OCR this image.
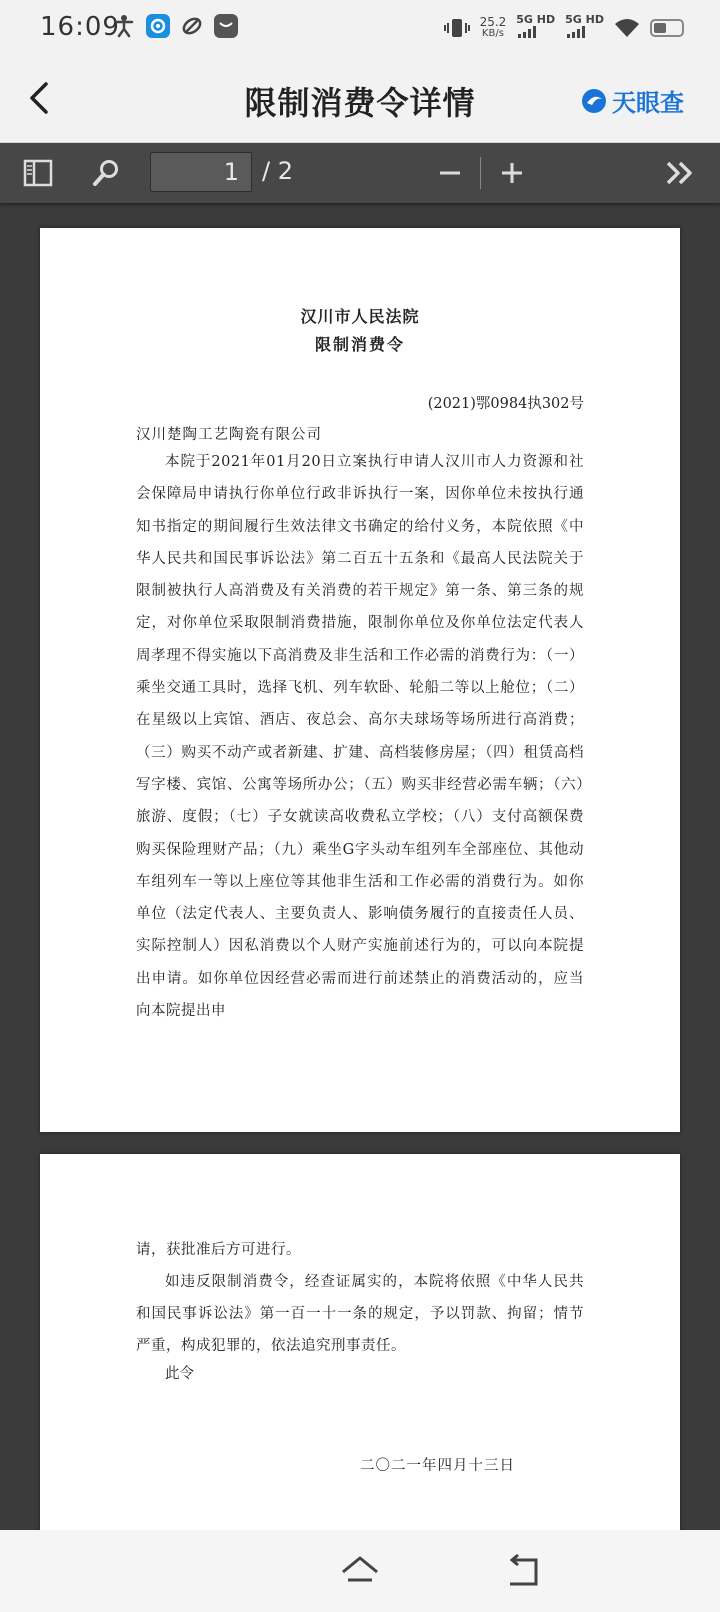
16:09	25.2
KB/s
5G HD 5G HD
限制消费令详情	天眼查
1 / 2
汉川市人民法院
限制消费令
(2021)鄂0984执302号
汉川楚陶工艺陶瓷有限公司
本院于2021年01月20日立案执行申请人汉川市人力资源和社会保障局申请执行你单位行政非诉执行一案，因你单位未按执行通知书指定的期间履行生效法律文书确定的给付义务，本院依照《中华人民共和国民事诉讼法》第二百五十五条和《最高人民法院关于限制被执行人高消费及有关消费的若干规定》第一条、第三条的规定，对你单位采取限制消费措施，限制你单位及你单位法定代表人周孝理不得实施以下高消费及非生活和工作必需的消费行为：（一）乘坐交通工具时，选择飞机、列车软卧、轮船二等以上舱位；（二）在星级以上宾馆、酒店、夜总会、高尔夫球场等场所进行高消费；（三）购买不动产或者新建、扩建、高档装修房屋；（四）租赁高档写字楼、宾馆、公寓等场所办公；（五）购买非经营必需车辆；（六）旅游、度假；（七）子女就读高收费私立学校；（八）支付高额保费购买保险理财产品；（九）乘坐G字头动车组列车全部座位、其他动车组列车一等以上座位等其他非生活和工作必需的消费行为。如你单位（法定代表人、主要负责人、影响债务履行的直接责任人员、实际控制人）因私消费以个人财产实施前述行为的，可以向本院提出申请。如你单位因经营必需而进行前述禁止的消费活动的，应当向本院提出申
请，获批准后方可进行。
如违反限制消费令，经查证属实的，本院将依照《中华人民共和国民事诉讼法》第一百一十一条的规定，予以罚款、拘留；情节严重，构成犯罪的，依法追究刑事责任。
此令
二〇二一年四月十三日
